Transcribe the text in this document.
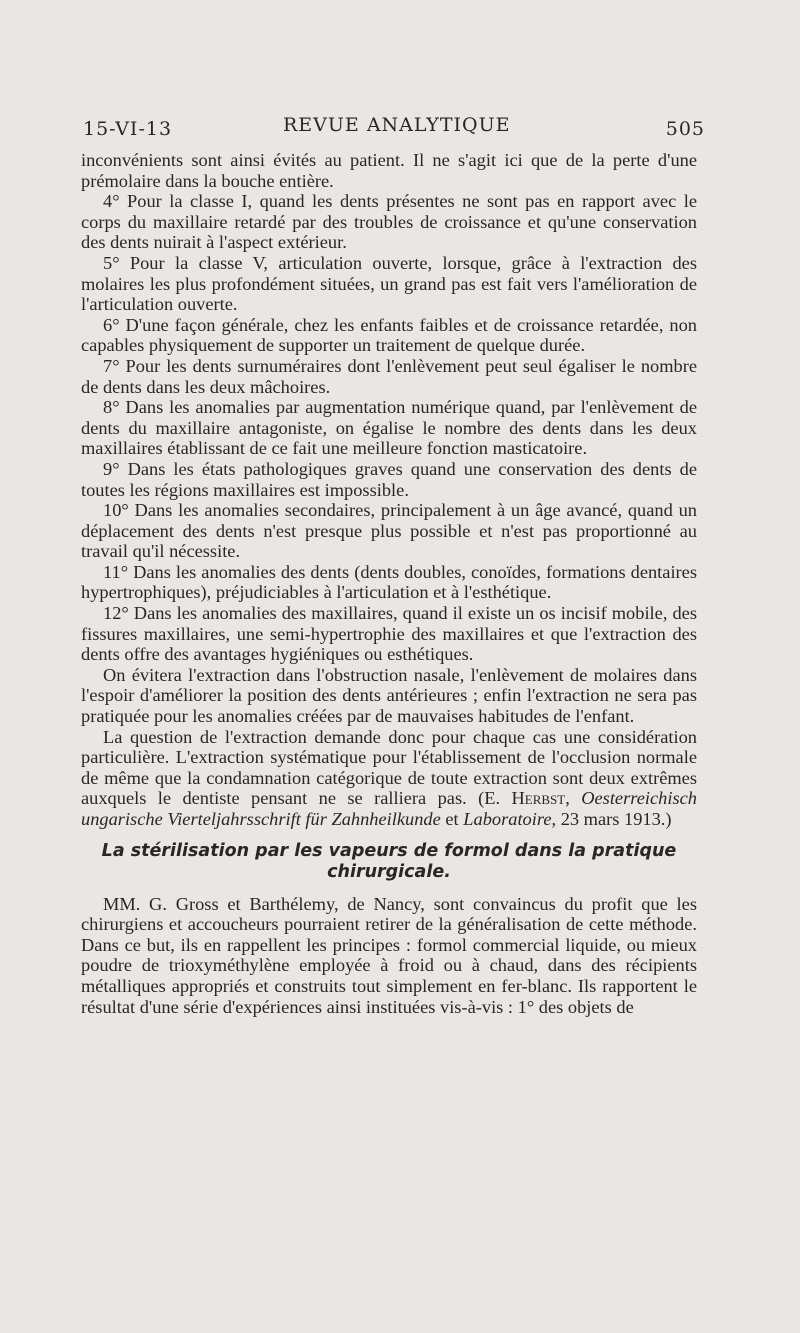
15-VI-13	REVUE ANALYTIQUE	505

inconvénients sont ainsi évités au patient. Il ne s'agit ici que de la perte d'une prémolaire dans la bouche entière.

4° Pour la classe I, quand les dents présentes ne sont pas en rapport avec le corps du maxillaire retardé par des troubles de croissance et qu'une conservation des dents nuirait à l'aspect extérieur.

5° Pour la classe V, articulation ouverte, lorsque, grâce à l'extraction des molaires les plus profondément situées, un grand pas est fait vers l'amélioration de l'articulation ouverte.

6° D'une façon générale, chez les enfants faibles et de croissance retardée, non capables physiquement de supporter un traitement de quelque durée.

7° Pour les dents surnuméraires dont l'enlèvement peut seul égaliser le nombre de dents dans les deux mâchoires.

8° Dans les anomalies par augmentation numérique quand, par l'enlèvement de dents du maxillaire antagoniste, on égalise le nombre des dents dans les deux maxillaires établissant de ce fait une meilleure fonction masticatoire.

9° Dans les états pathologiques graves quand une conservation des dents de toutes les régions maxillaires est impossible.

10° Dans les anomalies secondaires, principalement à un âge avancé, quand un déplacement des dents n'est presque plus possible et n'est pas proportionné au travail qu'il nécessite.

11° Dans les anomalies des dents (dents doubles, conoïdes, formations dentaires hypertrophiques), préjudiciables à l'articulation et à l'esthétique.

12° Dans les anomalies des maxillaires, quand il existe un os incisif mobile, des fissures maxillaires, une semi-hypertrophie des maxillaires et que l'extraction des dents offre des avantages hygiéniques ou esthétiques.

On évitera l'extraction dans l'obstruction nasale, l'enlèvement de molaires dans l'espoir d'améliorer la position des dents antérieures ; enfin l'extraction ne sera pas pratiquée pour les anomalies créées par de mauvaises habitudes de l'enfant.

La question de l'extraction demande donc pour chaque cas une considération particulière. L'extraction systématique pour l'établissement de l'occlusion normale de même que la condamnation catégorique de toute extraction sont deux extrêmes auxquels le dentiste pensant ne se ralliera pas. (E. Herbst, Oesterreichisch ungarische Vierteljahrsschrift für Zahnheilkunde et Laboratoire, 23 mars 1913.)

La stérilisation par les vapeurs de formol dans la pratique chirurgicale.

MM. G. Gross et Barthélemy, de Nancy, sont convaincus du profit que les chirurgiens et accoucheurs pourraient retirer de la généralisation de cette méthode. Dans ce but, ils en rappellent les principes : formol commercial liquide, ou mieux poudre de trioxyméthylène employée à froid ou à chaud, dans des récipients métalliques appropriés et construits tout simplement en fer-blanc. Ils rapportent le résultat d'une série d'expériences ainsi instituées vis-à-vis : 1° des objets de
